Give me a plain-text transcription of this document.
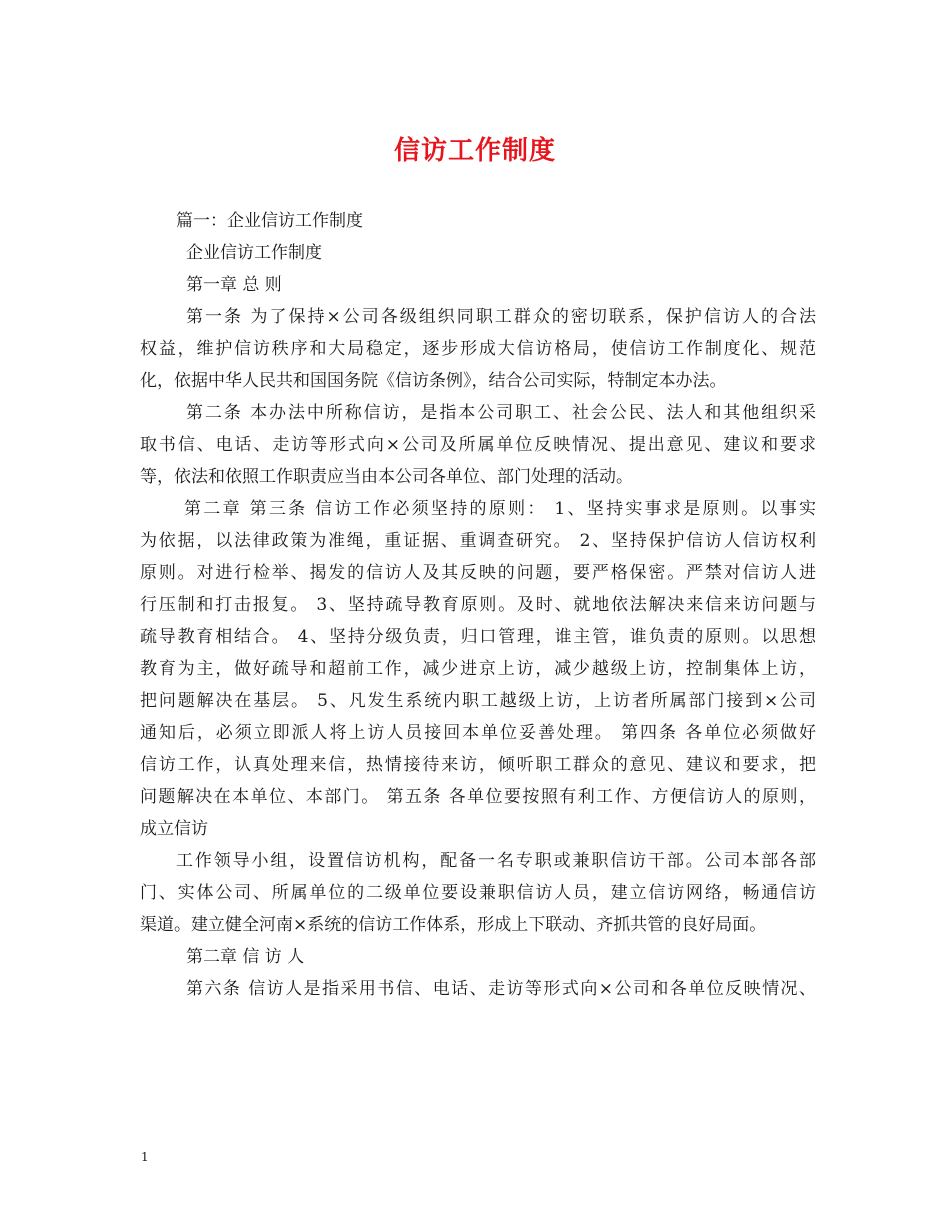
信访工作制度
篇一：企业信访工作制度
企业信访工作制度
第一章 总 则
第一条 为了保持×公司各级组织同职工群众的密切联系，保护信访人的合法
权益，维护信访秩序和大局稳定，逐步形成大信访格局，使信访工作制度化、规范
化，依据中华人民共和国国务院《信访条例》，结合公司实际，特制定本办法。
第二条 本办法中所称信访，是指本公司职工、社会公民、法人和其他组织采
取书信、电话、走访等形式向×公司及所属单位反映情况、提出意见、建议和要求
等，依法和依照工作职责应当由本公司各单位、部门处理的活动。
第二章 第三条 信访工作必须坚持的原则： 1、坚持实事求是原则。以事实
为依据，以法律政策为准绳，重证据、重调查研究。 2、坚持保护信访人信访权利
原则。对进行检举、揭发的信访人及其反映的问题，要严格保密。严禁对信访人进
行压制和打击报复。 3、坚持疏导教育原则。及时、就地依法解决来信来访问题与
疏导教育相结合。 4、坚持分级负责，归口管理，谁主管，谁负责的原则。以思想
教育为主，做好疏导和超前工作，减少进京上访，减少越级上访，控制集体上访，
把问题解决在基层。 5、凡发生系统内职工越级上访，上访者所属部门接到×公司
通知后，必须立即派人将上访人员接回本单位妥善处理。 第四条 各单位必须做好
信访工作，认真处理来信，热情接待来访，倾听职工群众的意见、建议和要求，把
问题解决在本单位、本部门。 第五条 各单位要按照有利工作、方便信访人的原则，
成立信访
工作领导小组，设置信访机构，配备一名专职或兼职信访干部。公司本部各部
门、实体公司、所属单位的二级单位要设兼职信访人员，建立信访网络，畅通信访
渠道。建立健全河南×系统的信访工作体系，形成上下联动、齐抓共管的良好局面。
第二章 信 访 人
第六条 信访人是指采用书信、电话、走访等形式向×公司和各单位反映情况、
1
